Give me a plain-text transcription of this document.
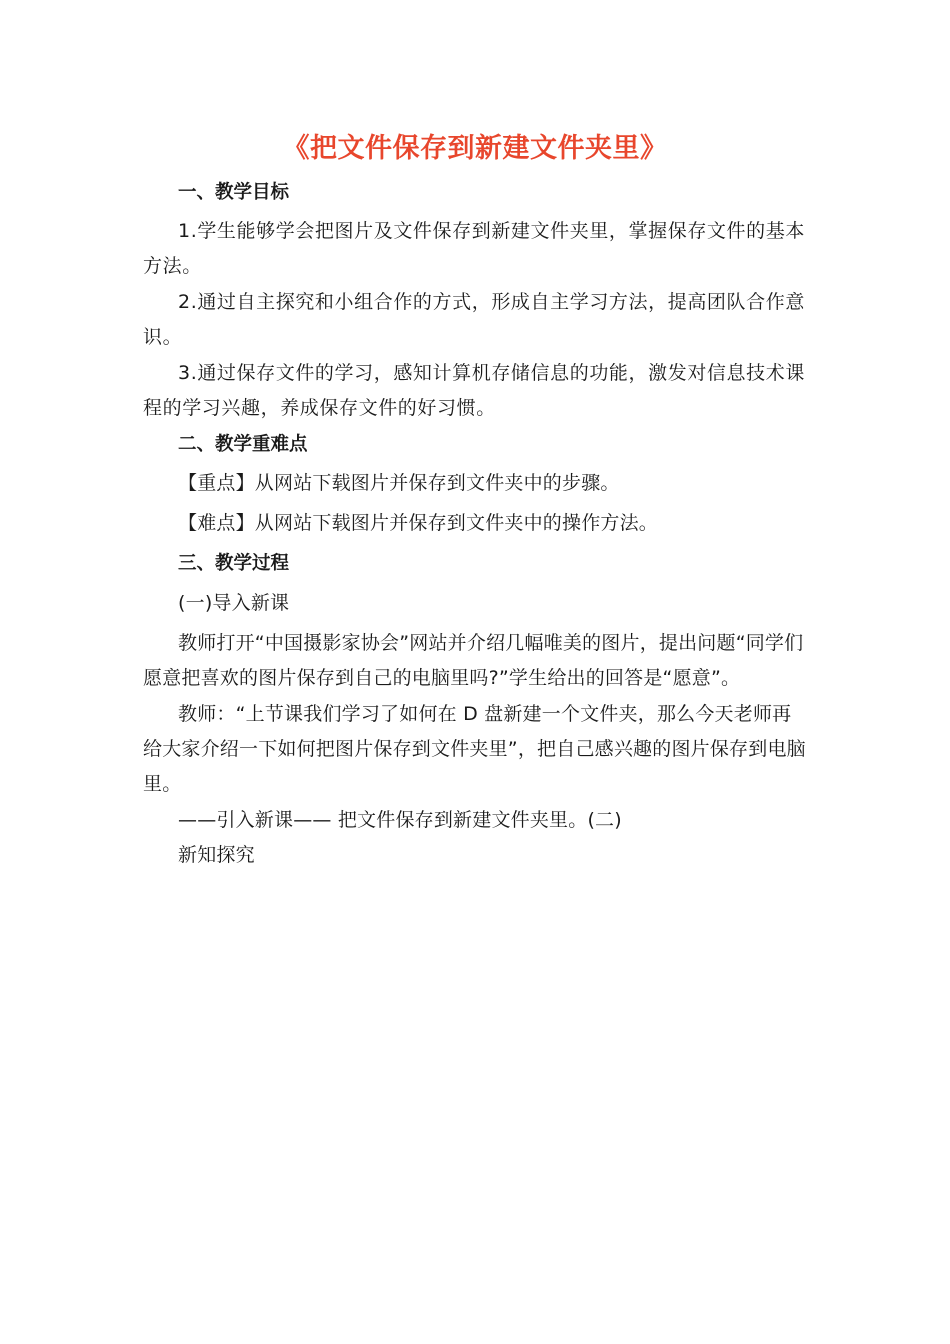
《把文件保存到新建文件夹里》

一、教学目标

1.学生能够学会把图片及文件保存到新建文件夹里，掌握保存文件的基本方法。

2.通过自主探究和小组合作的方式，形成自主学习方法，提高团队合作意识。

3.通过保存文件的学习，感知计算机存储信息的功能，激发对信息技术课程的学习兴趣，养成保存文件的好习惯。

二、教学重难点

【重点】从网站下载图片并保存到文件夹中的步骤。

【难点】从网站下载图片并保存到文件夹中的操作方法。

三、教学过程

(一)导入新课

教师打开“中国摄影家协会”网站并介绍几幅唯美的图片，提出问题“同学们愿意把喜欢的图片保存到自己的电脑里吗?”学生给出的回答是“愿意”。

教师：“上节课我们学习了如何在 D 盘新建一个文件夹，那么今天老师再给大家介绍一下如何把图片保存到文件夹里”，把自己感兴趣的图片保存到电脑里。

——引入新课—— 把文件保存到新建文件夹里。(二)

新知探究
